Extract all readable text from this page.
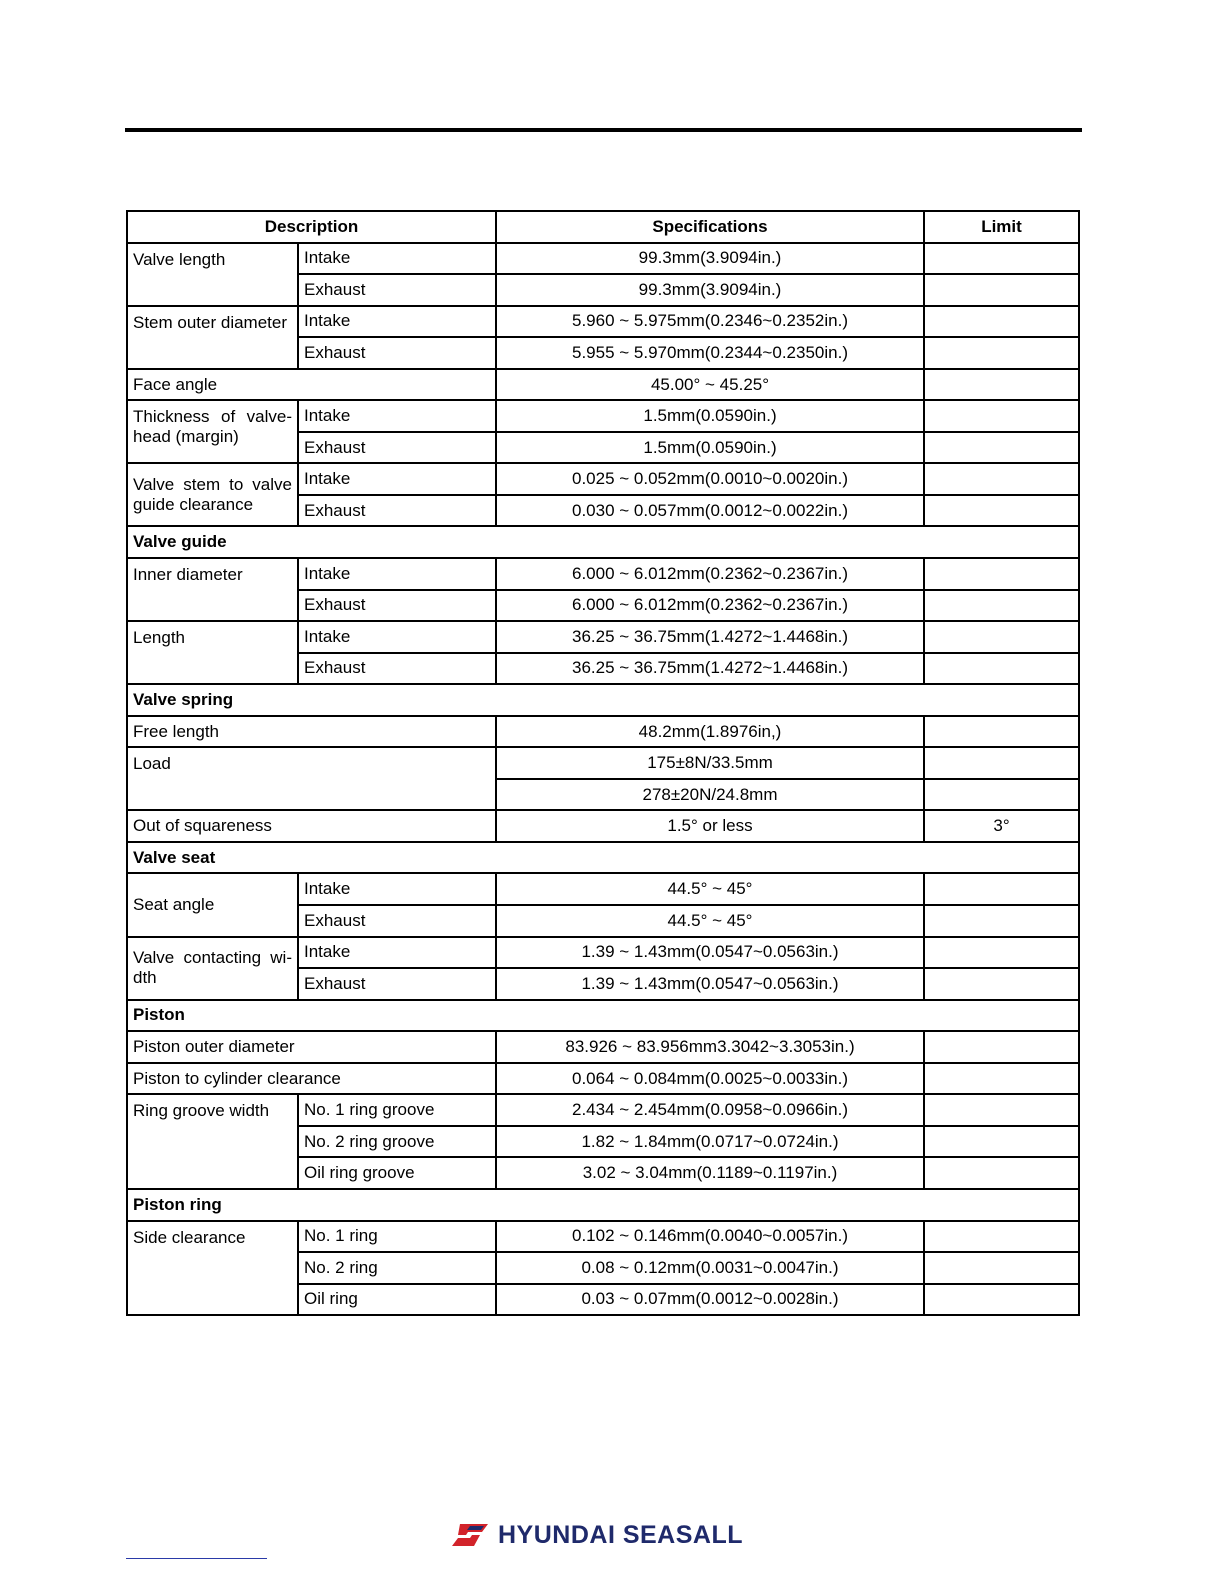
Description		Specifications	Limit
Valve length	Intake	99.3mm(3.9094in.)	
	Exhaust	99.3mm(3.9094in.)	
Stem outer diameter	Intake	5.960 ~ 5.975mm(0.2346~0.2352in.)	
	Exhaust	5.955 ~ 5.970mm(0.2344~0.2350in.)	
Face angle		45.00° ~ 45.25°	
Thickness of valve-head (margin)	Intake	1.5mm(0.0590in.)	
	Exhaust	1.5mm(0.0590in.)	
Valve stem to valve guide clearance	Intake	0.025 ~ 0.052mm(0.0010~0.0020in.)	
	Exhaust	0.030 ~ 0.057mm(0.0012~0.0022in.)	
Valve guide			
Inner diameter	Intake	6.000 ~ 6.012mm(0.2362~0.2367in.)	
	Exhaust	6.000 ~ 6.012mm(0.2362~0.2367in.)	
Length	Intake	36.25 ~ 36.75mm(1.4272~1.4468in.)	
	Exhaust	36.25 ~ 36.75mm(1.4272~1.4468in.)	
Valve spring			
Free length		48.2mm(1.8976in,)	
Load		175±8N/33.5mm	
		278±20N/24.8mm	
Out of squareness		1.5° or less	3°
Valve seat			
Seat angle	Intake	44.5° ~ 45°	
	Exhaust	44.5° ~ 45°	
Valve contacting wi-dth	Intake	1.39 ~ 1.43mm(0.0547~0.0563in.)	
	Exhaust	1.39 ~ 1.43mm(0.0547~0.0563in.)	
Piston			
Piston outer diameter		83.926 ~ 83.956mm3.3042~3.3053in.)	
Piston to cylinder clearance		0.064 ~ 0.084mm(0.0025~0.0033in.)	
Ring groove width	No. 1 ring groove	2.434 ~ 2.454mm(0.0958~0.0966in.)	
	No. 2 ring groove	1.82 ~ 1.84mm(0.0717~0.0724in.)	
	Oil ring groove	3.02 ~ 3.04mm(0.1189~0.1197in.)	
Piston ring			
Side clearance	No. 1 ring	0.102 ~ 0.146mm(0.0040~0.0057in.)	
	No. 2 ring	0.08 ~ 0.12mm(0.0031~0.0047in.)	
	Oil ring	0.03 ~ 0.07mm(0.0012~0.0028in.)	
HYUNDAI SEASALL
